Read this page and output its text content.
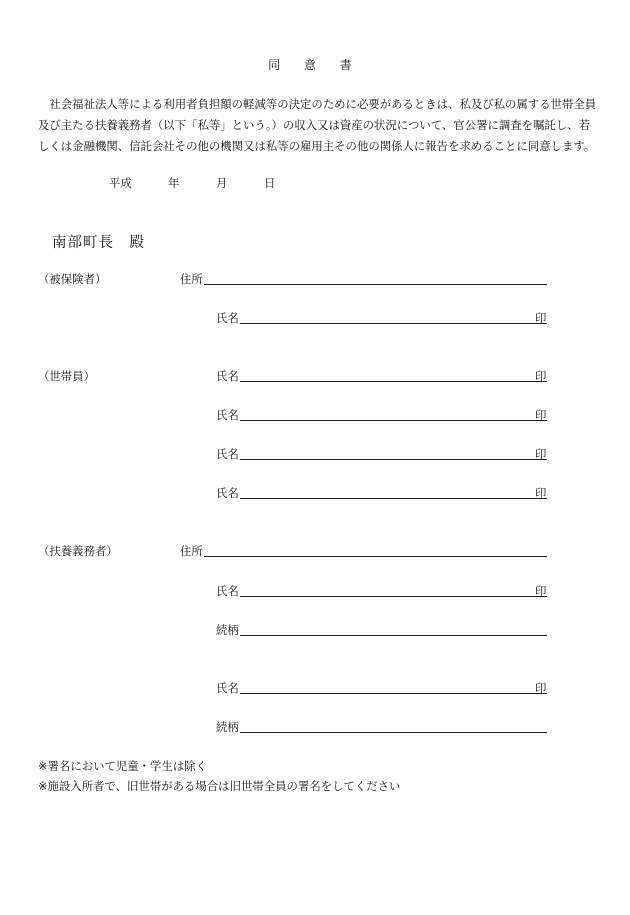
同 意 書

　社会福祉法人等による利用者負担額の軽減等の決定のために必要があるときは、私及び私の属する世帯全員

及び主たる扶養義務者（以下「私等」という。）の収入又は資産の状況について、官公署に調査を嘱託し、若

しくは金融機関、信託会社その他の機関又は私等の雇用主その他の関係人に報告を求めることに同意します。

平成	年	月	日
南部町長　殿
（被保険者）	住所
氏名	印
（世帯員）	氏名	印
氏名	印
氏名	印
氏名	印
（扶養義務者）	住所
氏名	印
続柄
氏名	印
続柄
※署名において児童・学生は除く
※施設入所者で、旧世帯がある場合は旧世帯全員の署名をしてください
